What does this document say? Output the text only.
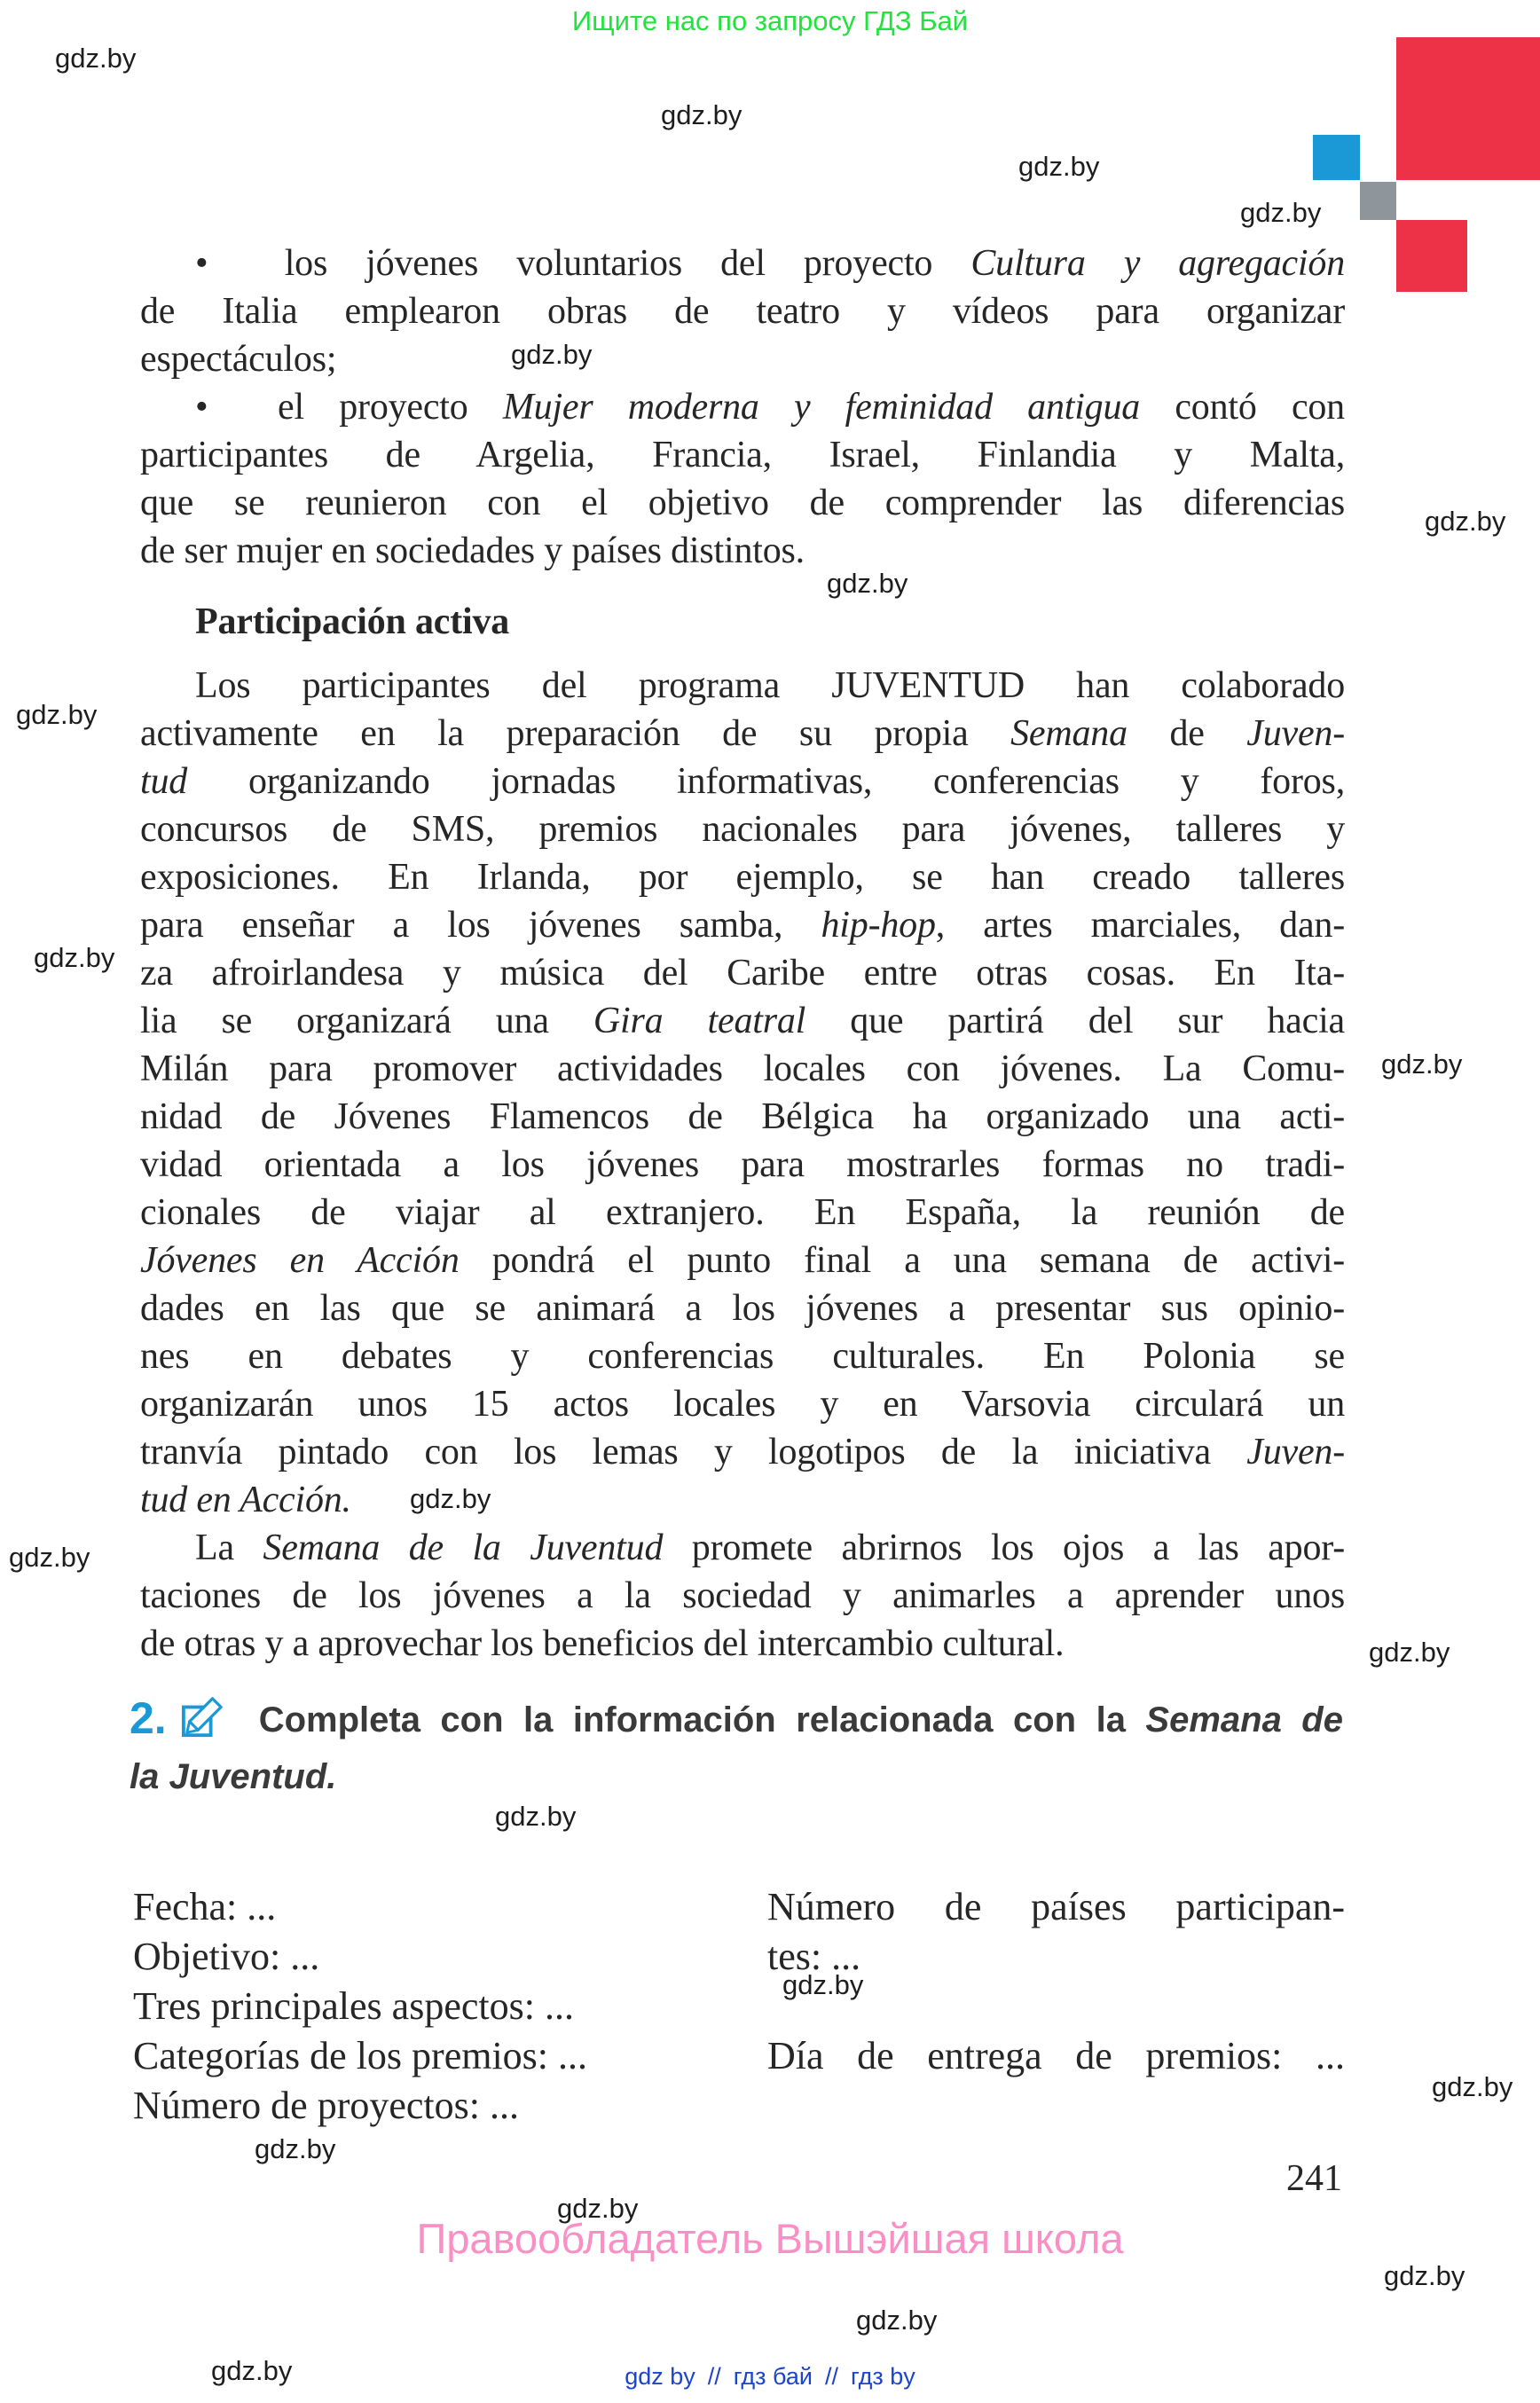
Ищите нас по запросу ГДЗ Бай
gdz.by
gdz.by
gdz.by
gdz.by
gdz.by
gdz.by
gdz.by
gdz.by
gdz.by
gdz.by
gdz.by
gdz.by
gdz.by
gdz.by
gdz.by
gdz.by
gdz.by
gdz.by
gdz.by
gdz.by
gdz.by
•  los jóvenes voluntarios del proyecto Cultura y agregación
de Italia emplearon obras de teatro y vídeos para organizar
espectáculos;
•  el proyecto Mujer moderna y feminidad antigua contó con
participantes de Argelia, Francia, Israel, Finlandia y Malta,
que se reunieron con el objetivo de comprender las diferencias
de ser mujer en sociedades y países distintos.
Participación activa
Los participantes del programa JUVENTUD han colaborado
activamente en la preparación de su propia Semana de Juven-
tud organizando jornadas informativas, conferencias y foros,
concursos de SMS, premios nacionales para jóvenes, talleres y
exposiciones. En Irlanda, por ejemplo, se han creado talleres
para enseñar a los jóvenes samba, hip-hop, artes marciales, dan-
za afroirlandesa y música del Caribe entre otras cosas. En Ita-
lia se organizará una Gira teatral que partirá del sur hacia
Milán para promover actividades locales con jóvenes. La Comu-
nidad de Jóvenes Flamencos de Bélgica ha organizado una acti-
vidad orientada a los jóvenes para mostrarles formas no tradi-
cionales de viajar al extranjero. En España, la reunión de
Jóvenes en Acción pondrá el punto final a una semana de activi-
dades en las que se animará a los jóvenes a presentar sus opinio-
nes en debates y conferencias culturales. En Polonia se
organizarán unos 15 actos locales y en Varsovia circulará un
tranvía pintado con los lemas y logotipos de la iniciativa Juven-
tud en Acción.
La Semana de la Juventud promete abrirnos los ojos a las apor-
taciones de los jóvenes a la sociedad y animarles a aprender unos
de otras y a aprovechar los beneficios del intercambio cultural.
2.	Completa con la información relacionada con la Semana de
la Juventud.
Fecha: ...
Objetivo: ...
Tres principales aspectos: ...
Categorías de los premios: ...
Número de proyectos: ...
Número de países participan-
tes: ...
Día de entrega de premios: ...
241
Правообладатель Вышэйшая школа
gdz by // гдз бай // гдз by
